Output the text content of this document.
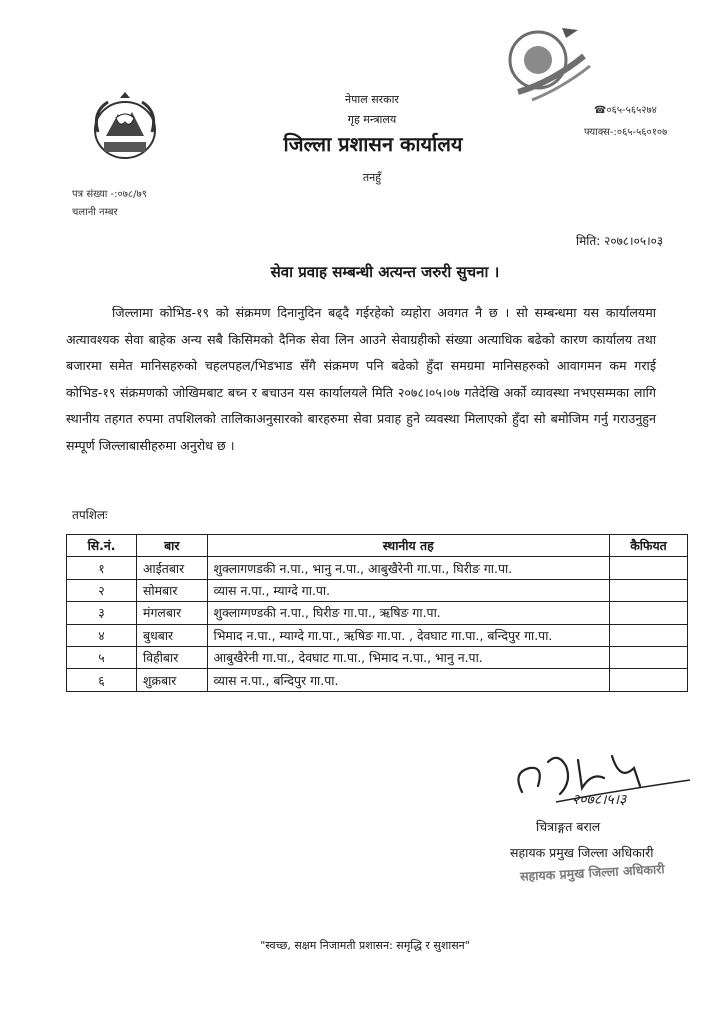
नेपाल सरकार
गृह मन्त्रालय
जिल्ला प्रशासन कार्यालय
तनहुँ
☎०६५-५६५२७४
फ्याक्स-:०६५-५६०१०७
पत्र संख्या -:०७८/७९
चलानी नम्बर
मिति: २०७८।०५।०३
सेवा प्रवाह सम्बन्धी अत्यन्त जरुरी सुचना ।
जिल्लामा कोभिड-१९ को संक्रमण दिनानुदिन बढ्दै गईरहेको व्यहोरा अवगत नै छ । सो सम्बन्धमा यस कार्यालयमा अत्यावश्यक सेवा बाहेक अन्य सबै किसिमको दैनिक सेवा लिन आउने सेवाग्रहीको संख्या अत्याधिक बढेको कारण कार्यालय तथा बजारमा समेत मानिसहरुको चहलपहल/भिडभाड सँगै संक्रमण पनि बढेको हुँदा समग्रमा मानिसहरुको आवागमन कम गराई कोभिड-१९ संक्रमणको जोखिमबाट बच्न र बचाउन यस कार्यालयले मिति २०७८।०५।०७ गतेदेखि अर्को व्यावस्था नभएसम्मका लागि स्थानीय तहगत रुपमा तपशिलको तालिकाअनुसारको बारहरुमा सेवा प्रवाह हुने व्यवस्था मिलाएको हुँदा सो बमोजिम गर्नु गराउनुहुन सम्पूर्ण जिल्लाबासीहरुमा अनुरोध छ ।
तपशिलः
सि.नं.	बार	स्थानीय तह	कैफियत
१	आईतबार	शुक्लागणडकी न.पा., भानु न.पा., आबुखैरेनी गा.पा., घिरीङ गा.पा.	
२	सोमबार	व्यास न.पा., म्याग्दे गा.पा.	
३	मंगलबार	शुक्लाग्गण्डकी न.पा., घिरीङ गा.पा., ऋषिङ गा.पा.	
४	बुधबार	भिमाद न.पा., म्याग्दे गा.पा., ऋषिङ गा.पा. , देवघाट गा.पा., बन्दिपुर गा.पा.	
५	विहीबार	आबुखैरेनी गा.पा., देवघाट गा.पा., भिमाद न.पा., भानु न.पा.	
६	शुक्रबार	व्यास न.पा., बन्दिपुर गा.पा.	
२०७८।५।३
चित्राङ्गत बराल
सहायक प्रमुख जिल्ला अधिकारी
सहायक प्रमुख जिल्ला अधिकारी
"स्वच्छ, सक्षम निजामती प्रशासन: समृद्धि र सुशासन"
